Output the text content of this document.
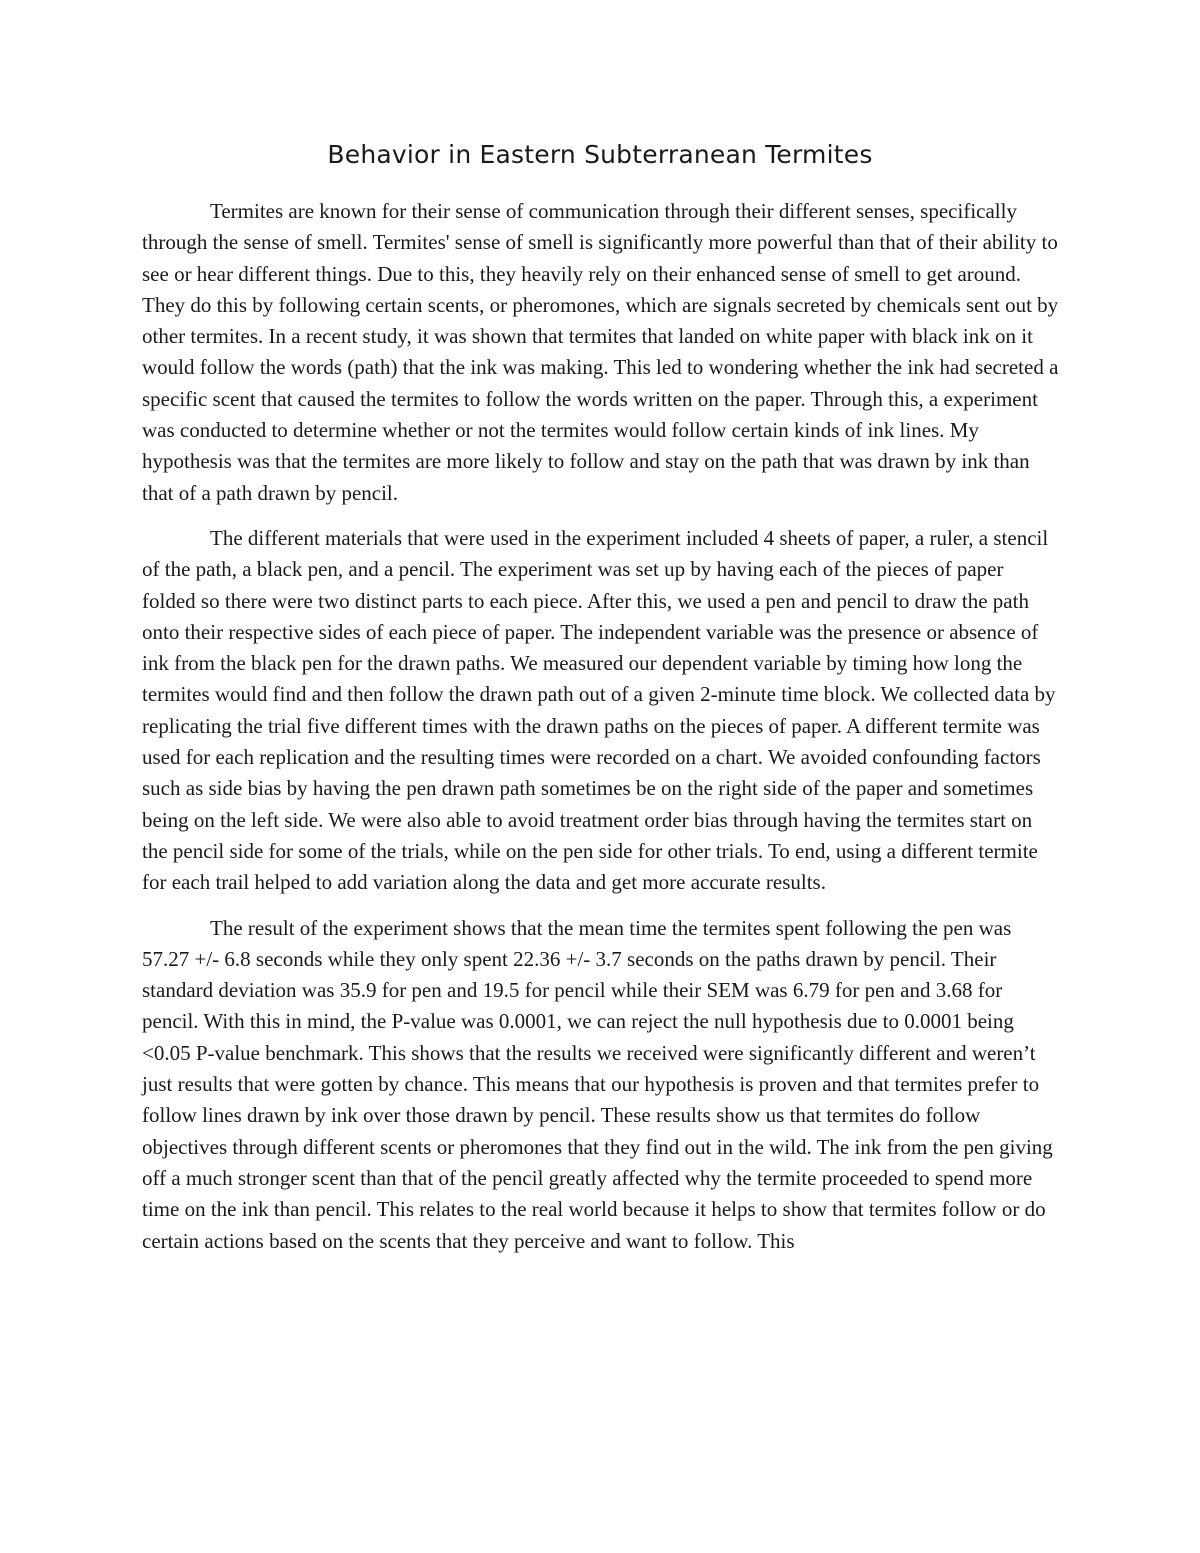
Behavior in Eastern Subterranean Termites

Termites are known for their sense of communication through their different senses, specifically through the sense of smell. Termites' sense of smell is significantly more powerful than that of their ability to see or hear different things. Due to this, they heavily rely on their enhanced sense of smell to get around. They do this by following certain scents, or pheromones, which are signals secreted by chemicals sent out by other termites. In a recent study, it was shown that termites that landed on white paper with black ink on it would follow the words (path) that the ink was making. This led to wondering whether the ink had secreted a specific scent that caused the termites to follow the words written on the paper. Through this, a experiment was conducted to determine whether or not the termites would follow certain kinds of ink lines. My hypothesis was that the termites are more likely to follow and stay on the path that was drawn by ink than that of a path drawn by pencil.

The different materials that were used in the experiment included 4 sheets of paper, a ruler, a stencil of the path, a black pen, and a pencil. The experiment was set up by having each of the pieces of paper folded so there were two distinct parts to each piece. After this, we used a pen and pencil to draw the path onto their respective sides of each piece of paper. The independent variable was the presence or absence of ink from the black pen for the drawn paths. We measured our dependent variable by timing how long the termites would find and then follow the drawn path out of a given 2-minute time block. We collected data by replicating the trial five different times with the drawn paths on the pieces of paper. A different termite was used for each replication and the resulting times were recorded on a chart. We avoided confounding factors such as side bias by having the pen drawn path sometimes be on the right side of the paper and sometimes being on the left side. We were also able to avoid treatment order bias through having the termites start on the pencil side for some of the trials, while on the pen side for other trials. To end, using a different termite for each trail helped to add variation along the data and get more accurate results.

The result of the experiment shows that the mean time the termites spent following the pen was 57.27 +/- 6.8 seconds while they only spent 22.36 +/- 3.7 seconds on the paths drawn by pencil. Their standard deviation was 35.9 for pen and 19.5 for pencil while their SEM was 6.79 for pen and 3.68 for pencil. With this in mind, the P-value was 0.0001, we can reject the null hypothesis due to 0.0001 being <0.05 P-value benchmark. This shows that the results we received were significantly different and weren’t just results that were gotten by chance. This means that our hypothesis is proven and that termites prefer to follow lines drawn by ink over those drawn by pencil. These results show us that termites do follow objectives through different scents or pheromones that they find out in the wild. The ink from the pen giving off a much stronger scent than that of the pencil greatly affected why the termite proceeded to spend more time on the ink than pencil. This relates to the real world because it helps to show that termites follow or do certain actions based on the scents that they perceive and want to follow. This
